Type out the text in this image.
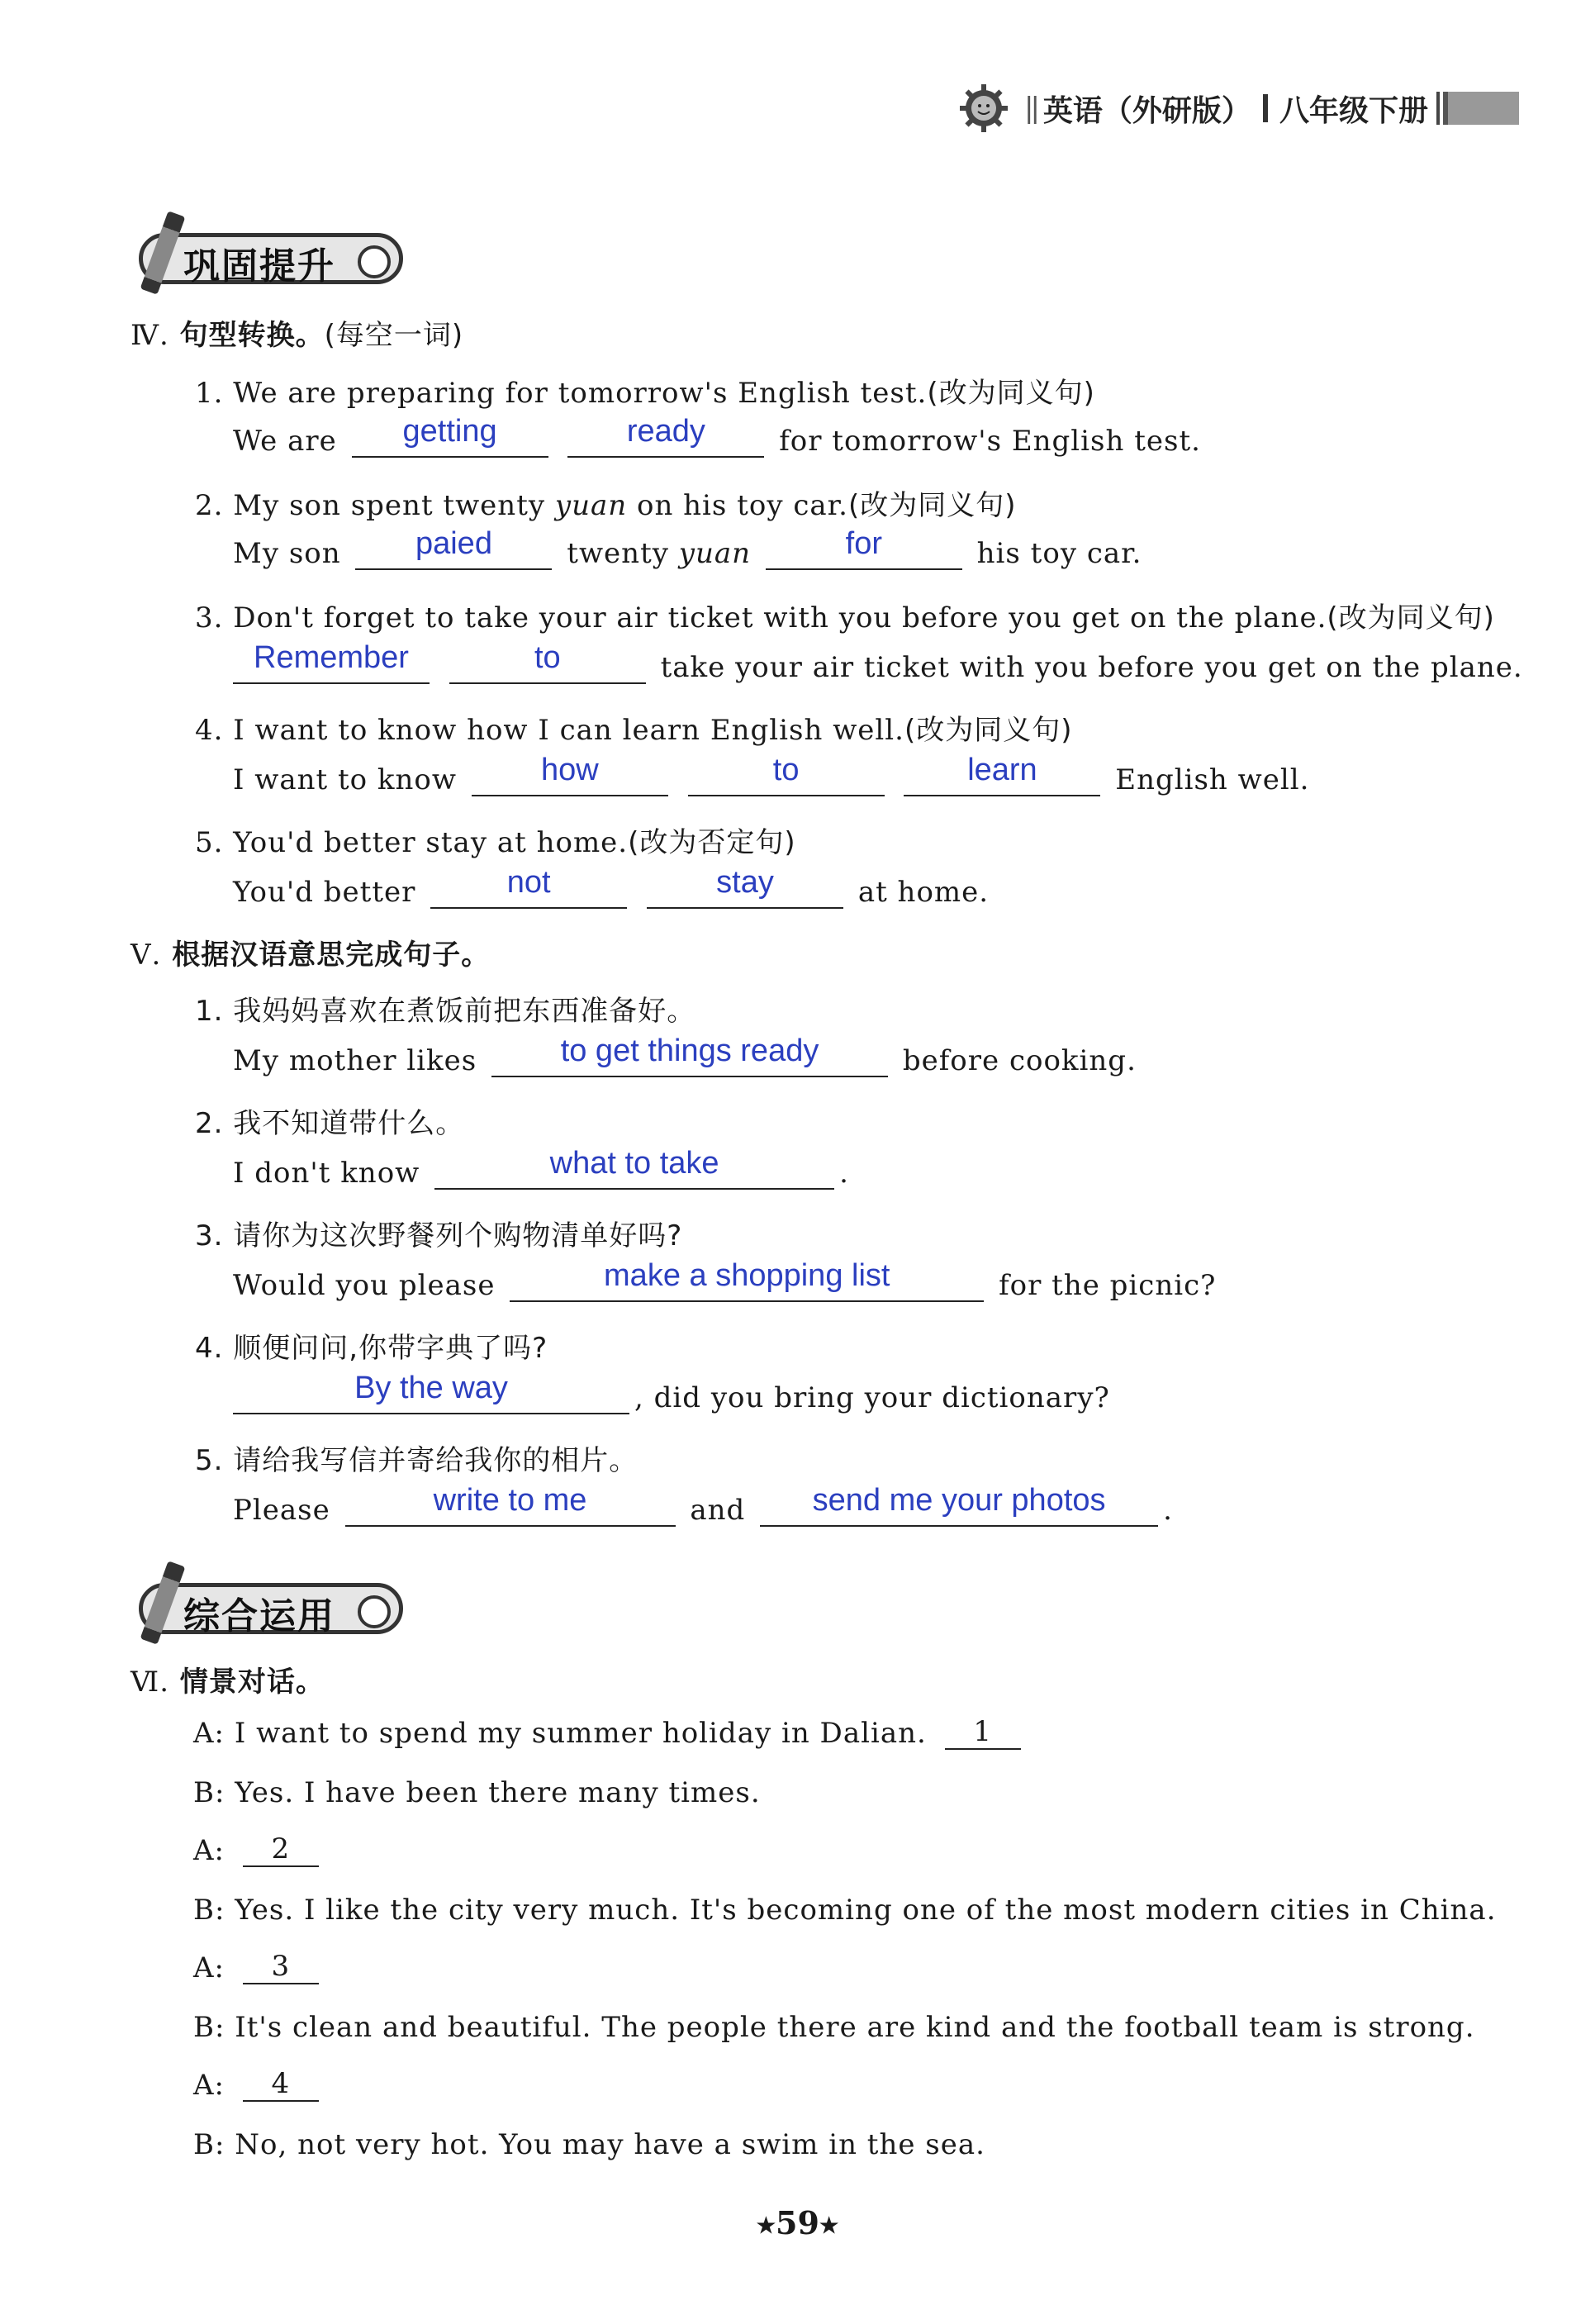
|| 英语（外研版） 八年级下册
巩固提升
Ⅳ. 句型转换。(每空一词)
1. We are preparing for tomorrow's English test.(改为同义句)
We are	getting
	ready	for tomorrow's English test.
2. My son spent twenty yuan on his toy car.(改为同义句)
My son	paied	twenty yuan	for	his toy car.
3. Don't forget to take your air ticket with you before you get on the plane.(改为同义句)
Remember
	to	take your air ticket with you before you get on the plane.
4. I want to know how I can learn English well.(改为同义句)
I want to know	how
	to
	learn	English well.
5. You'd better stay at home.(改为否定句)
You'd better	not
	stay	at home.
Ⅴ. 根据汉语意思完成句子。
1. 我妈妈喜欢在煮饭前把东西准备好。
My mother likes	to get things ready	before cooking.
2. 我不知道带什么。
I don't know	what to take	.
3. 请你为这次野餐列个购物清单好吗?
Would you please	make a shopping list	for the picnic?
4. 顺便问问,你带字典了吗?
By the way	, did you bring your dictionary?
5. 请给我写信并寄给我你的相片。
Please	write to me	and	send me your photos	.
综合运用
Ⅵ. 情景对话。
A: I want to spend my summer holiday in Dalian.	1
B: Yes. I have been there many times.
A:	2
B: Yes. I like the city very much. It's becoming one of the most modern cities in China.
A:	3
B: It's clean and beautiful. The people there are kind and the football team is strong.
A:	4
B: No, not very hot. You may have a swim in the sea.
★59★
